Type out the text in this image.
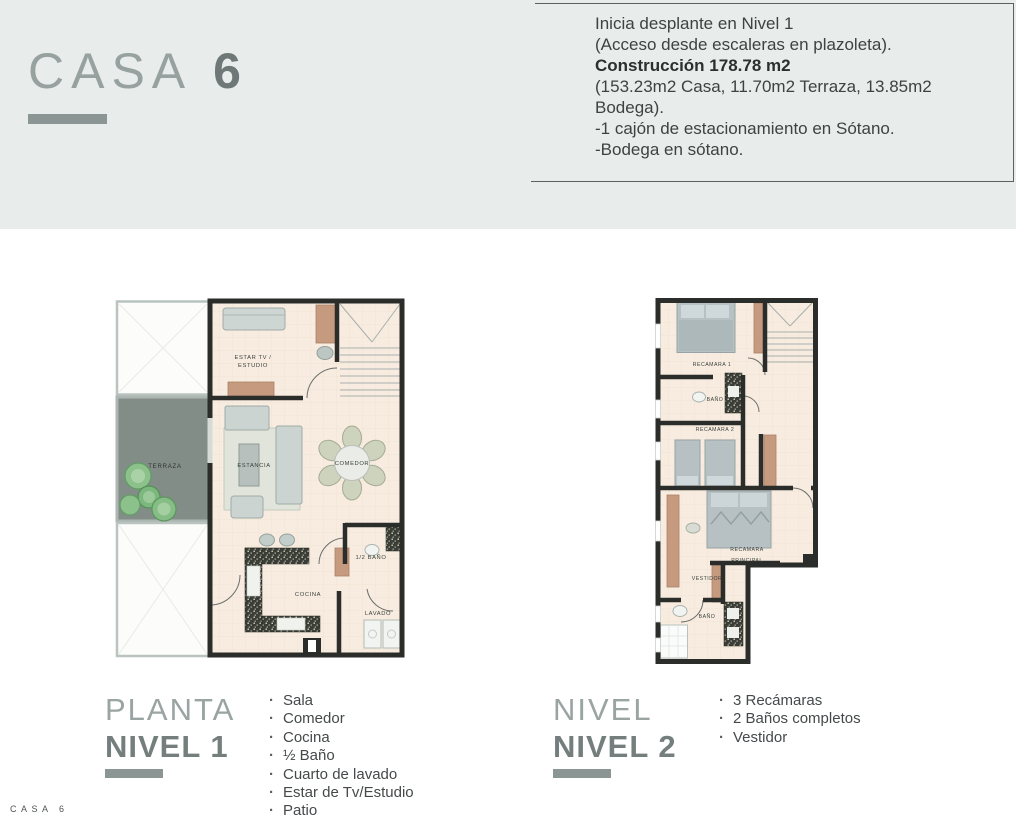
CASA 6
Inicia desplante en Nivel 1
(Acceso desde escaleras en plazoleta).
Construcción 178.78 m2
(153.23m2 Casa, 11.70m2 Terraza, 13.85m2
Bodega).
-1 cajón de estacionamiento en Sótano.
-Bodega en sótano.
TERRAZA
ESTAR TV /
ESTUDIO
ESTANCIA	COMEDOR
1/2 BAÑO
COCINA
LAVADO
RECAMARA 1
BAÑO
RECAMARA 2
RECAMARA
PRINCIPAL
VESTIDOR
BAÑO
PLANTA
NIVEL 1
· Sala
· Comedor
· Cocina
· ½ Baño
· Cuarto de lavado
· Estar de Tv/Estudio
· Patio
NIVEL
NIVEL 2
· 3 Recámaras
· 2 Baños completos
· Vestidor
CASA 6
